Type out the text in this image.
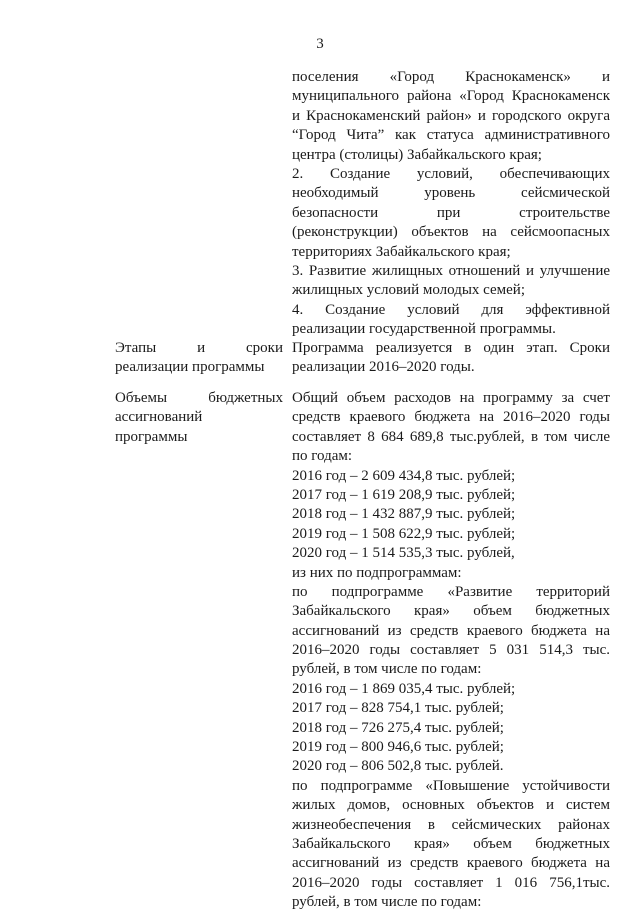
3
поселения «Город Краснокаменск» и
муниципального района «Город Краснокаменск
и Краснокаменский район» и городского округа
“Город Чита” как статуса административного
центра (столицы) Забайкальского края;
2. Создание условий, обеспечивающих
необходимый уровень сейсмической
безопасности при строительстве
(реконструкции) объектов на сейсмоопасных
территориях Забайкальского края;
3. Развитие жилищных отношений и улучшение
жилищных условий молодых семей;
4. Создание условий для эффективной
реализации государственной программы.
Этапы и сроки
реализации программы
Программа реализуется в один этап. Сроки
реализации 2016–2020 годы.
Объемы бюджетных
ассигнований
программы
Общий объем расходов на программу за счет
средств краевого бюджета на 2016–2020 годы
составляет 8 684 689,8 тыс.рублей, в том числе
по годам:
2016 год – 2 609 434,8 тыс. рублей;
2017 год – 1 619 208,9 тыс. рублей;
2018 год – 1 432 887,9 тыс. рублей;
2019 год – 1 508 622,9 тыс. рублей;
2020 год – 1 514 535,3 тыс. рублей,
из них по подпрограммам:
по подпрограмме «Развитие территорий
Забайкальского края» объем бюджетных
ассигнований из средств краевого бюджета на
2016–2020 годы составляет 5 031 514,3 тыс.
рублей, в том числе по годам:
2016 год – 1 869 035,4 тыс. рублей;
2017 год – 828 754,1 тыс. рублей;
2018 год – 726 275,4 тыс. рублей;
2019 год – 800 946,6 тыс. рублей;
2020 год – 806 502,8 тыс. рублей.
по подпрограмме «Повышение устойчивости
жилых домов, основных объектов и систем
жизнеобеспечения в сейсмических районах
Забайкальского края» объем бюджетных
ассигнований из средств краевого бюджета на
2016–2020 годы составляет 1 016 756,1тыс.
рублей, в том числе по годам:
